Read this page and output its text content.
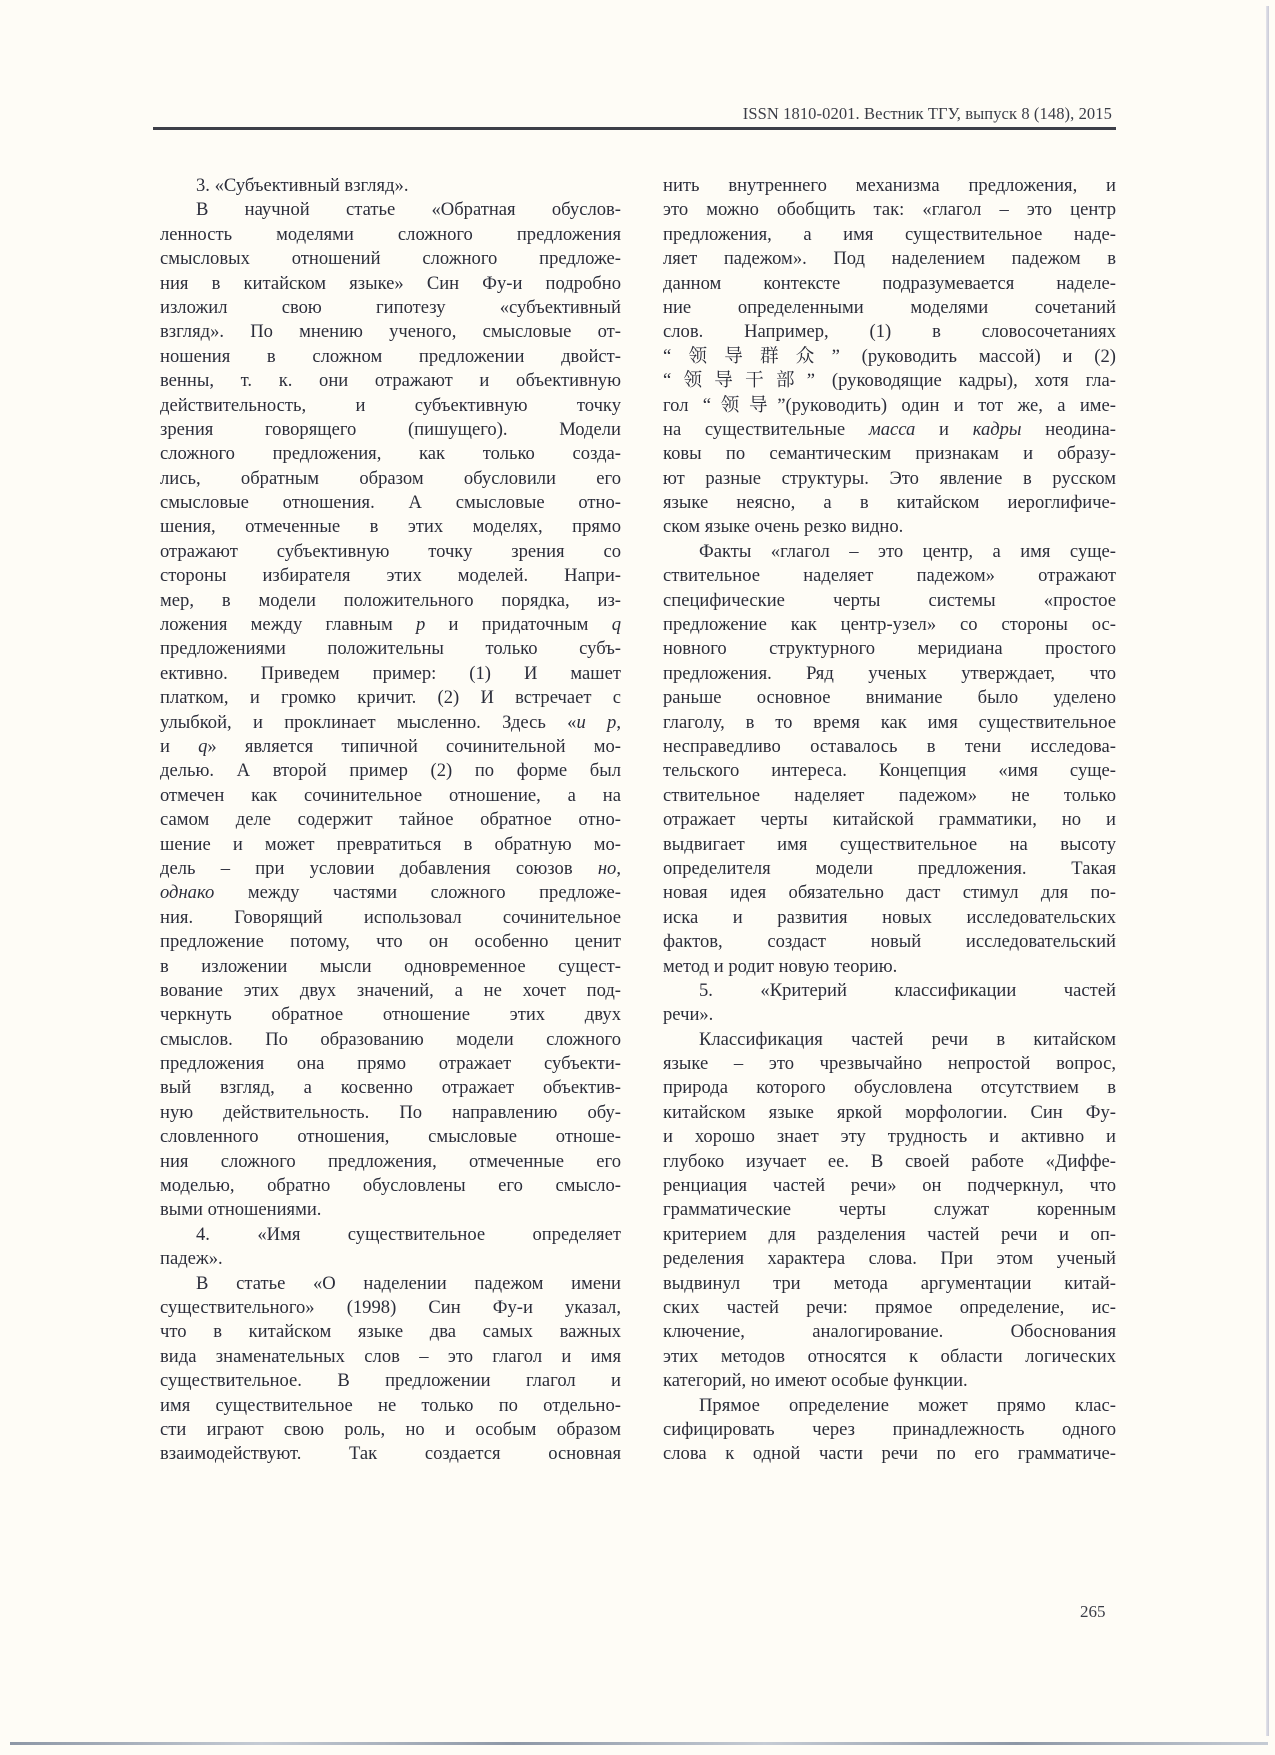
ISSN 1810-0201. Вестник ТГУ, выпуск 8 (148), 2015
3. «Субъективный взгляд».
В научной статье «Обратная обуслов-
ленность моделями сложного предложения
смысловых отношений сложного предложе-
ния в китайском языке» Син Фу-и подробно
изложил свою гипотезу «субъективный
взгляд». По мнению ученого, смысловые от-
ношения в сложном предложении двойст-
венны, т. к. они отражают и объективную
действительность, и субъективную точку
зрения говорящего (пишущего). Модели
сложного предложения, как только созда-
лись, обратным образом обусловили его
смысловые отношения. А смысловые отно-
шения, отмеченные в этих моделях, прямо
отражают субъективную точку зрения со
стороны избирателя этих моделей. Напри-
мер, в модели положительного порядка, из-
ложения между главным p и придаточным q
предложениями положительны только субъ-
ективно. Приведем пример: (1) И машет
платком, и громко кричит. (2) И встречает с
улыбкой, и проклинает мысленно. Здесь «и p,
и q» является типичной сочинительной мо-
делью. А второй пример (2) по форме был
отмечен как сочинительное отношение, а на
самом деле содержит тайное обратное отно-
шение и может превратиться в обратную мо-
дель – при условии добавления союзов но,
однако между частями сложного предложе-
ния. Говорящий использовал сочинительное
предложение потому, что он особенно ценит
в изложении мысли одновременное сущест-
вование этих двух значений, а не хочет под-
черкнуть обратное отношение этих двух
смыслов. По образованию модели сложного
предложения она прямо отражает субъекти-
вый взгляд, а косвенно отражает объектив-
ную действительность. По направлению обу-
словленного отношения, смысловые отноше-
ния сложного предложения, отмеченные его
моделью, обратно обусловлены его смысло-
выми отношениями.
4. «Имя существительное определяет
падеж».
В статье «О наделении падежом имени
существительного» (1998) Син Фу-и указал,
что в китайском языке два самых важных
вида знаменательных слов – это глагол и имя
существительное. В предложении глагол и
имя существительное не только по отдельно-
сти играют свою роль, но и особым образом
взаимодействуют. Так создается основная
нить внутреннего механизма предложения, и
это можно обобщить так: «глагол – это центр
предложения, а имя существительное наде-
ляет падежом». Под наделением падежом в
данном контексте подразумевается наделе-
ние определенными моделями сочетаний
слов. Например, (1) в словосочетаниях
“领导群众” (руководить массой) и (2)
“领导干部” (руководящие кадры), хотя гла-
гол “领导”(руководить) один и тот же, а име-
на существительные масса и кадры неодина-
ковы по семантическим признакам и образу-
ют разные структуры. Это явление в русском
языке неясно, а в китайском иероглифиче-
ском языке очень резко видно.
Факты «глагол – это центр, а имя суще-
ствительное наделяет падежом» отражают
специфические черты системы «простое
предложение как центр-узел» со стороны ос-
новного структурного меридиана простого
предложения. Ряд ученых утверждает, что
раньше основное внимание было уделено
глаголу, в то время как имя существительное
несправедливо оставалось в тени исследова-
тельского интереса. Концепция «имя суще-
ствительное наделяет падежом» не только
отражает черты китайской грамматики, но и
выдвигает имя существительное на высоту
определителя модели предложения. Такая
новая идея обязательно даст стимул для по-
иска и развития новых исследовательских
фактов, создаст новый исследовательский
метод и родит новую теорию.
5. «Критерий классификации частей
речи».
Классификация частей речи в китайском
языке – это чрезвычайно непростой вопрос,
природа которого обусловлена отсутствием в
китайском языке яркой морфологии. Син Фу-
и хорошо знает эту трудность и активно и
глубоко изучает ее. В своей работе «Диффе-
ренциация частей речи» он подчеркнул, что
грамматические черты служат коренным
критерием для разделения частей речи и оп-
ределения характера слова. При этом ученый
выдвинул три метода аргументации китай-
ских частей речи: прямое определение, ис-
ключение, аналогирование. Обоснования
этих методов относятся к области логических
категорий, но имеют особые функции.
Прямое определение может прямо клас-
сифицировать через принадлежность одного
слова к одной части речи по его грамматиче-
265
